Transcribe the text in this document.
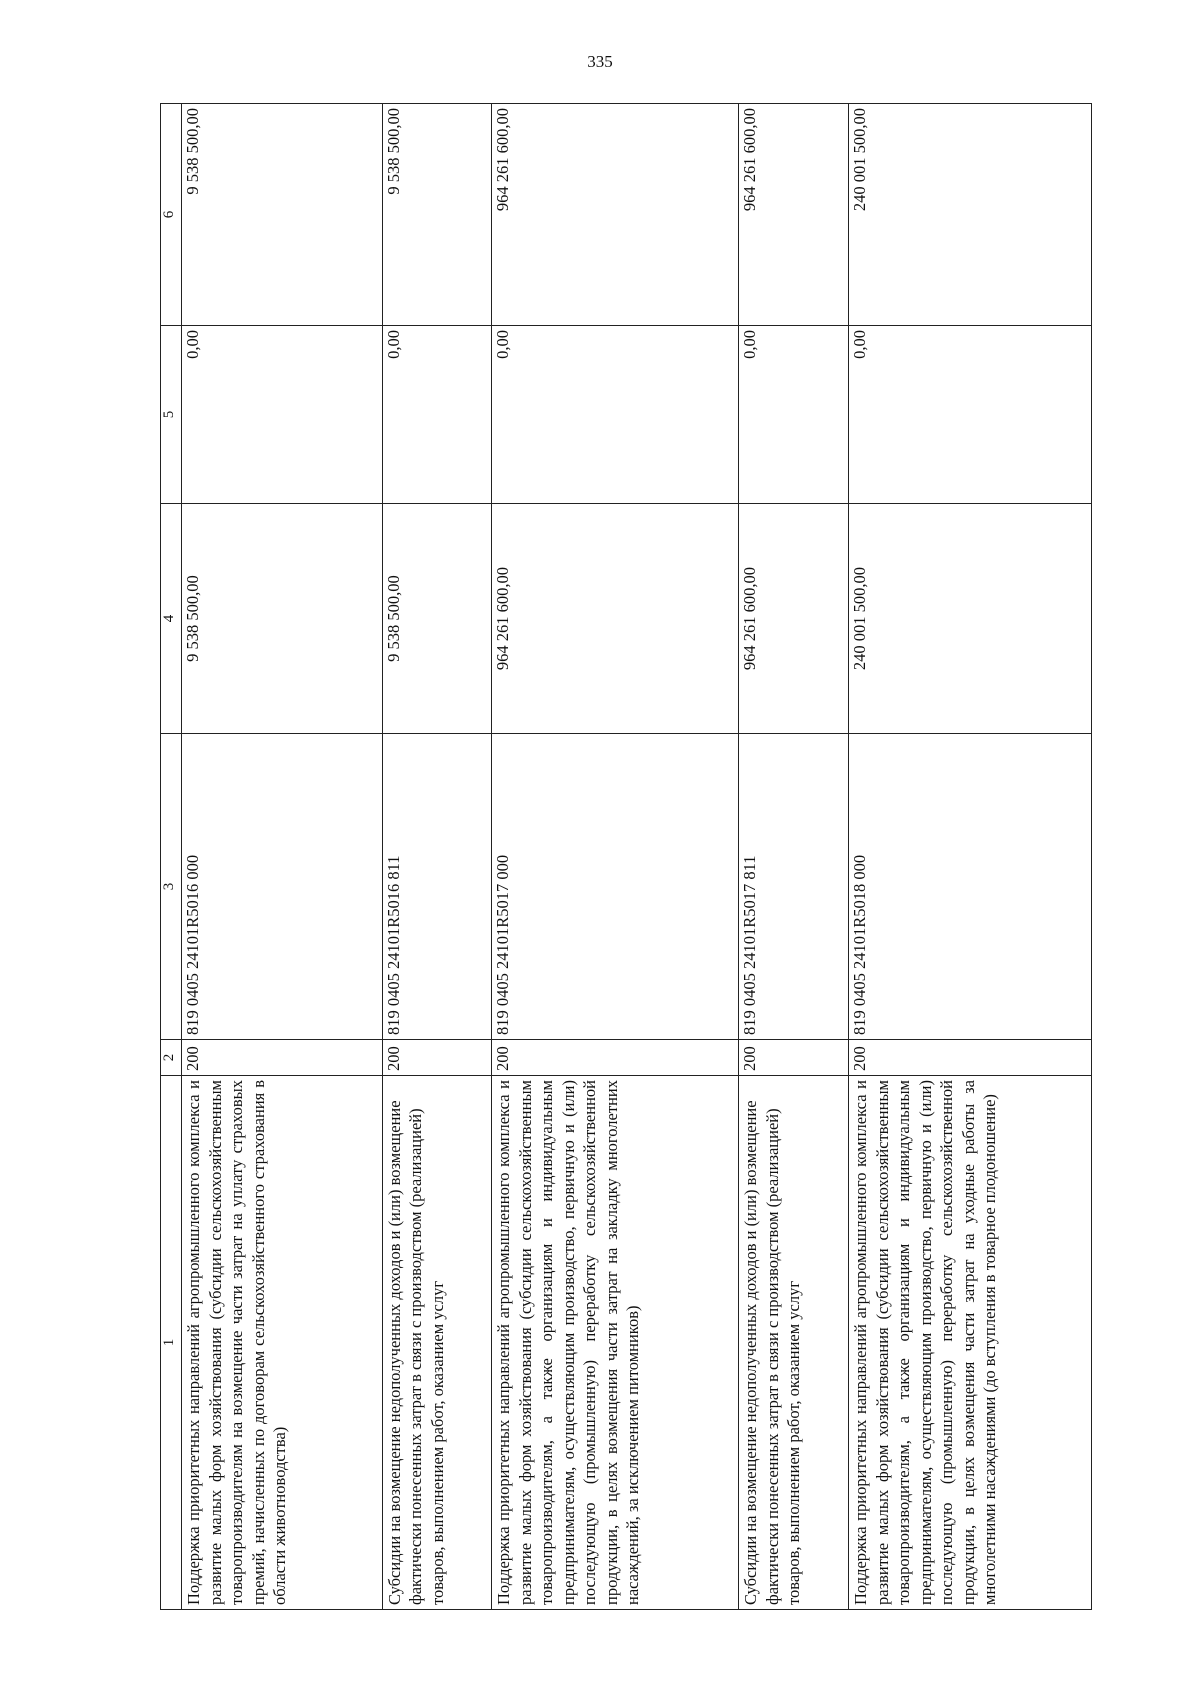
335
1	2	3	4	5	6
Поддержка приоритетных направлений агропромышленного комплекса и развитие малых форм хозяйствования (субсидии сельскохозяйственным товаропроизводителям на возмещение части затрат на уплату страховых премий, начисленных по договорам сельскохозяйственного страхования в области животноводства)	200	819 0405 24101R5016 000	9 538 500,00	0,00	9 538 500,00
Субсидии на возмещение недополученных доходов и (или) возмещение фактически понесенных затрат в связи с производством (реализацией) товаров, выполнением работ, оказанием услуг	200	819 0405 24101R5016 811	9 538 500,00	0,00	9 538 500,00
Поддержка приоритетных направлений агропромышленного комплекса и развитие малых форм хозяйствования (субсидии сельскохозяйственным товаропроизводителям, а также организациям и индивидуальным предпринимателям, осуществляющим производство, первичную и (или) последующую (промышленную) переработку сельскохозяйственной продукции, в целях возмещения части затрат на закладку многолетних насаждений, за исключением питомников)	200	819 0405 24101R5017 000	964 261 600,00	0,00	964 261 600,00
Субсидии на возмещение недополученных доходов и (или) возмещение фактически понесенных затрат в связи с производством (реализацией) товаров, выполнением работ, оказанием услуг	200	819 0405 24101R5017 811	964 261 600,00	0,00	964 261 600,00
Поддержка приоритетных направлений агропромышленного комплекса и развитие малых форм хозяйствования (субсидии сельскохозяйственным товаропроизводителям, а также организациям и индивидуальным предпринимателям, осуществляющим производство, первичную и (или) последующую (промышленную) переработку сельскохозяйственной продукции, в целях возмещения части затрат на уходные работы за многолетними насаждениями (до вступления в товарное плодоношение)	200	819 0405 24101R5018 000	240 001 500,00	0,00	240 001 500,00
